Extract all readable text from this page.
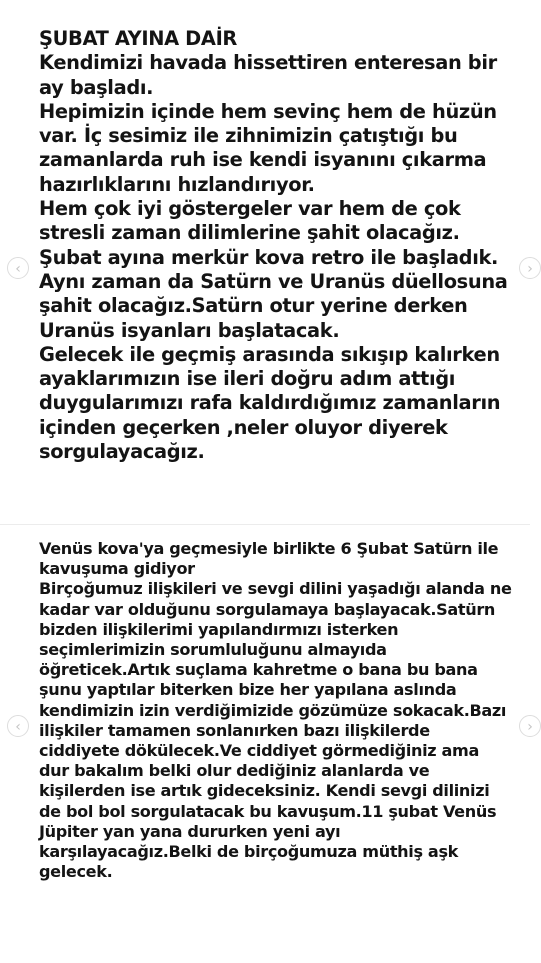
ŞUBAT AYINA DAİR
Kendimizi havada hissettiren enteresan bir ay başladı.
Hepimizin içinde hem sevinç hem de hüzün var. İç sesimiz ile zihnimizin çatıştığı bu zamanlarda ruh ise kendi isyanını çıkarma hazırlıklarını hızlandırıyor.
Hem çok iyi göstergeler var hem de çok stresli zaman dilimlerine şahit olacağız.
Şubat ayına merkür kova retro ile başladık.
Aynı zaman da Satürn ve Uranüs düellosuna şahit olacağız.Satürn otur yerine derken Uranüs isyanları başlatacak.
Gelecek ile geçmiş arasında sıkışıp kalırken ayaklarımızın ise ileri doğru adım attığı duygularımızı rafa kaldırdığımız zamanların içinden geçerken ,neler oluyor diyerek sorgulayacağız.

‹	›

Venüs kova'ya geçmesiyle birlikte 6 Şubat Satürn ile kavuşuma gidiyor
Birçoğumuz ilişkileri ve sevgi dilini yaşadığı alanda ne kadar var olduğunu sorgulamaya başlayacak.Satürn bizden ilişkilerimi yapılandırmızı isterken seçimlerimizin sorumluluğunu almayıda öğreticek.Artık suçlama kahretme o bana bu bana şunu yaptılar biterken bize her yapılana aslında kendimizin izin verdiğimizide gözümüze sokacak.Bazı ilişkiler tamamen sonlanırken bazı ilişkilerde ciddiyete dökülecek.Ve ciddiyet görmediğiniz ama dur bakalım belki olur dediğiniz alanlarda ve kişilerden ise artık gideceksiniz. Kendi sevgi dilinizi de bol bol sorgulatacak bu kavuşum.11 şubat Venüs Jüpiter yan yana dururken yeni ayı karşılayacağız.Belki de birçoğumuza müthiş aşk gelecek.

‹	›
